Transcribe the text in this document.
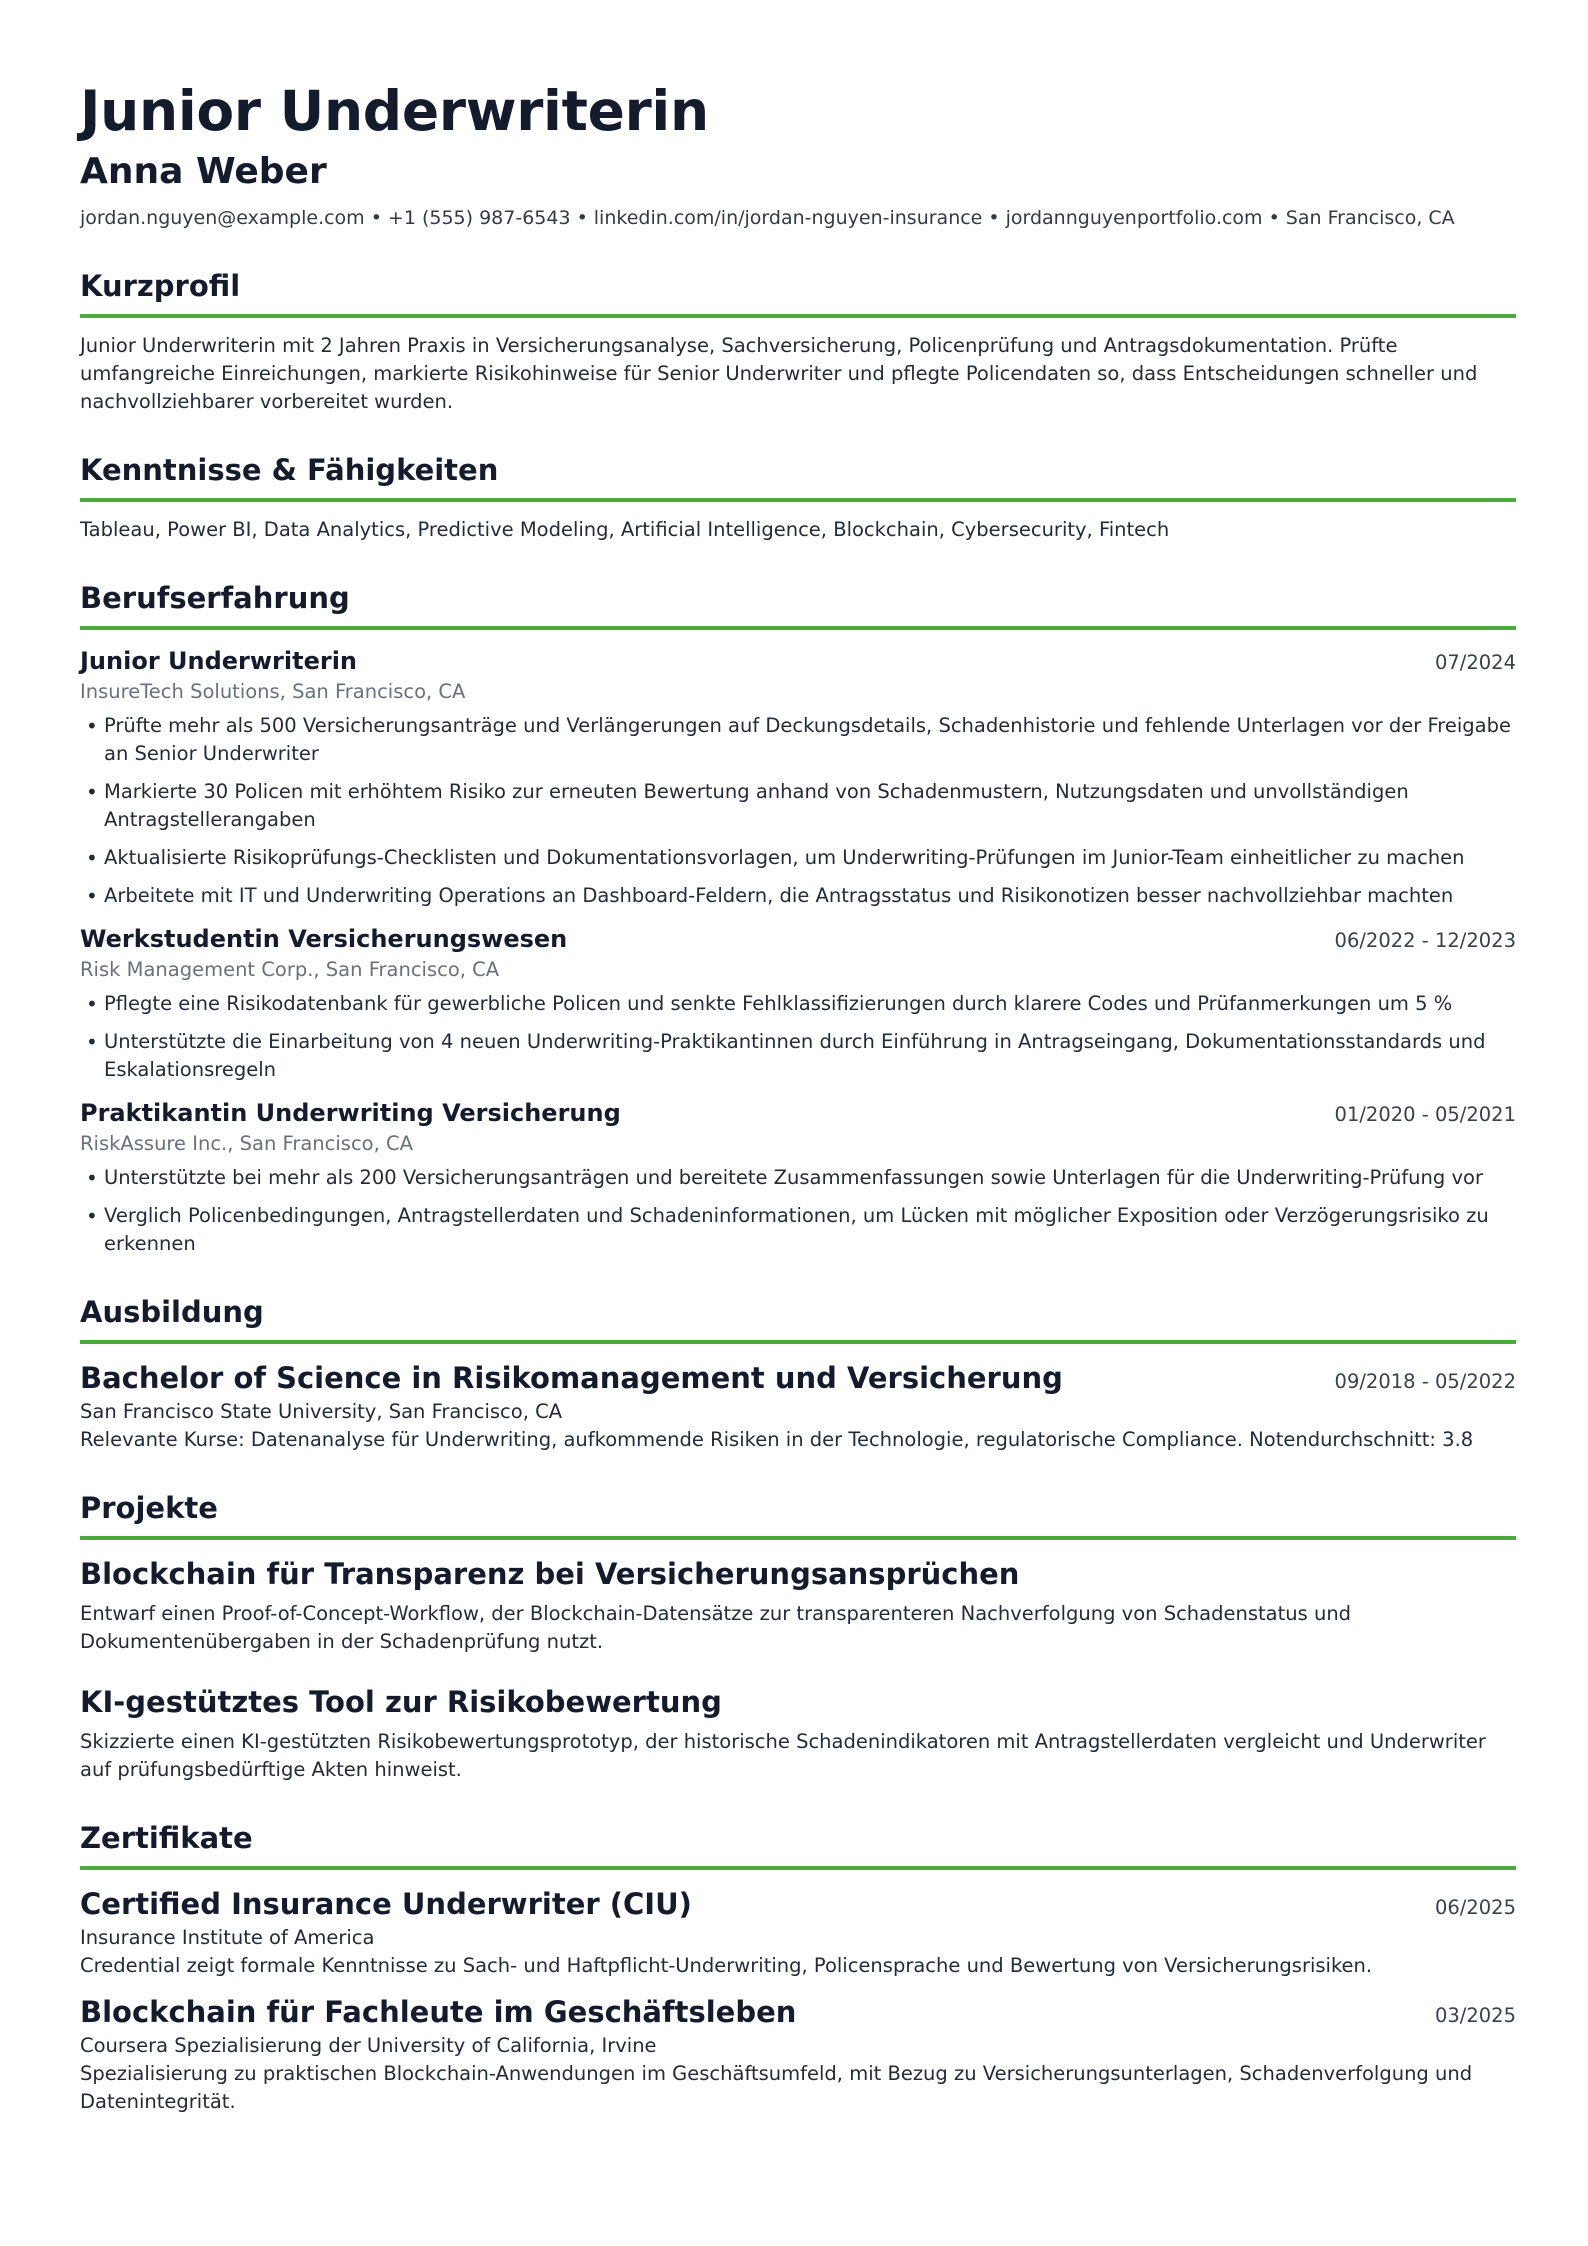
Junior Underwriterin
Anna Weber
jordan.nguyen@example.com • +1 (555) 987-6543 • linkedin.com/in/jordan-nguyen-insurance • jordannguyenportfolio.com • San Francisco, CA
Kurzprofil

Junior Underwriterin mit 2 Jahren Praxis in Versicherungsanalyse, Sachversicherung, Policenprüfung und Antragsdokumentation. Prüfte umfangreiche Einreichungen, markierte Risikohinweise für Senior Underwriter und pflegte Policendaten so, dass Entscheidungen schneller und nachvollziehbarer vorbereitet wurden.

Kenntnisse & Fähigkeiten

Tableau, Power BI, Data Analytics, Predictive Modeling, Artificial Intelligence, Blockchain, Cybersecurity, Fintech

Berufserfahrung
Junior Underwriterin	07/2024
InsureTech Solutions, San Francisco, CA
• Prüfte mehr als 500 Versicherungsanträge und Verlängerungen auf Deckungsdetails, Schadenhistorie und fehlende Unterlagen vor der Freigabe an Senior Underwriter
• Markierte 30 Policen mit erhöhtem Risiko zur erneuten Bewertung anhand von Schadenmustern, Nutzungsdaten und unvollständigen Antragstellerangaben
• Aktualisierte Risikoprüfungs-Checklisten und Dokumentationsvorlagen, um Underwriting-Prüfungen im Junior-Team einheitlicher zu machen
• Arbeitete mit IT und Underwriting Operations an Dashboard-Feldern, die Antragsstatus und Risikonotizen besser nachvollziehbar machten
Werkstudentin Versicherungswesen	06/2022 - 12/2023
Risk Management Corp., San Francisco, CA
• Pflegte eine Risikodatenbank für gewerbliche Policen und senkte Fehlklassifizierungen durch klarere Codes und Prüfanmerkungen um 5 %
• Unterstützte die Einarbeitung von 4 neuen Underwriting-Praktikantinnen durch Einführung in Antragseingang, Dokumentationsstandards und Eskalationsregeln
Praktikantin Underwriting Versicherung	01/2020 - 05/2021
RiskAssure Inc., San Francisco, CA
• Unterstützte bei mehr als 200 Versicherungsanträgen und bereitete Zusammenfassungen sowie Unterlagen für die Underwriting-Prüfung vor
• Verglich Policenbedingungen, Antragstellerdaten und Schadeninformationen, um Lücken mit möglicher Exposition oder Verzögerungsrisiko zu erkennen
Ausbildung
Bachelor of Science in Risikomanagement und Versicherung	09/2018 - 05/2022
San Francisco State University, San Francisco, CA
Relevante Kurse: Datenanalyse für Underwriting, aufkommende Risiken in der Technologie, regulatorische Compliance. Notendurchschnitt: 3.8
Projekte
Blockchain für Transparenz bei Versicherungsansprüchen

Entwarf einen Proof-of-Concept-Workflow, der Blockchain-Datensätze zur transparenteren Nachverfolgung von Schadenstatus und Dokumentenübergaben in der Schadenprüfung nutzt.

KI-gestütztes Tool zur Risikobewertung

Skizzierte einen KI-gestützten Risikobewertungsprototyp, der historische Schadenindikatoren mit Antragstellerdaten vergleicht und Underwriter auf prüfungsbedürftige Akten hinweist.

Zertifikate
Certified Insurance Underwriter (CIU)	06/2025
Insurance Institute of America
Credential zeigt formale Kenntnisse zu Sach- und Haftpflicht-Underwriting, Policensprache und Bewertung von Versicherungsrisiken.
Blockchain für Fachleute im Geschäftsleben	03/2025
Coursera Spezialisierung der University of California, Irvine
Spezialisierung zu praktischen Blockchain-Anwendungen im Geschäftsumfeld, mit Bezug zu Versicherungsunterlagen, Schadenverfolgung und Datenintegrität.
